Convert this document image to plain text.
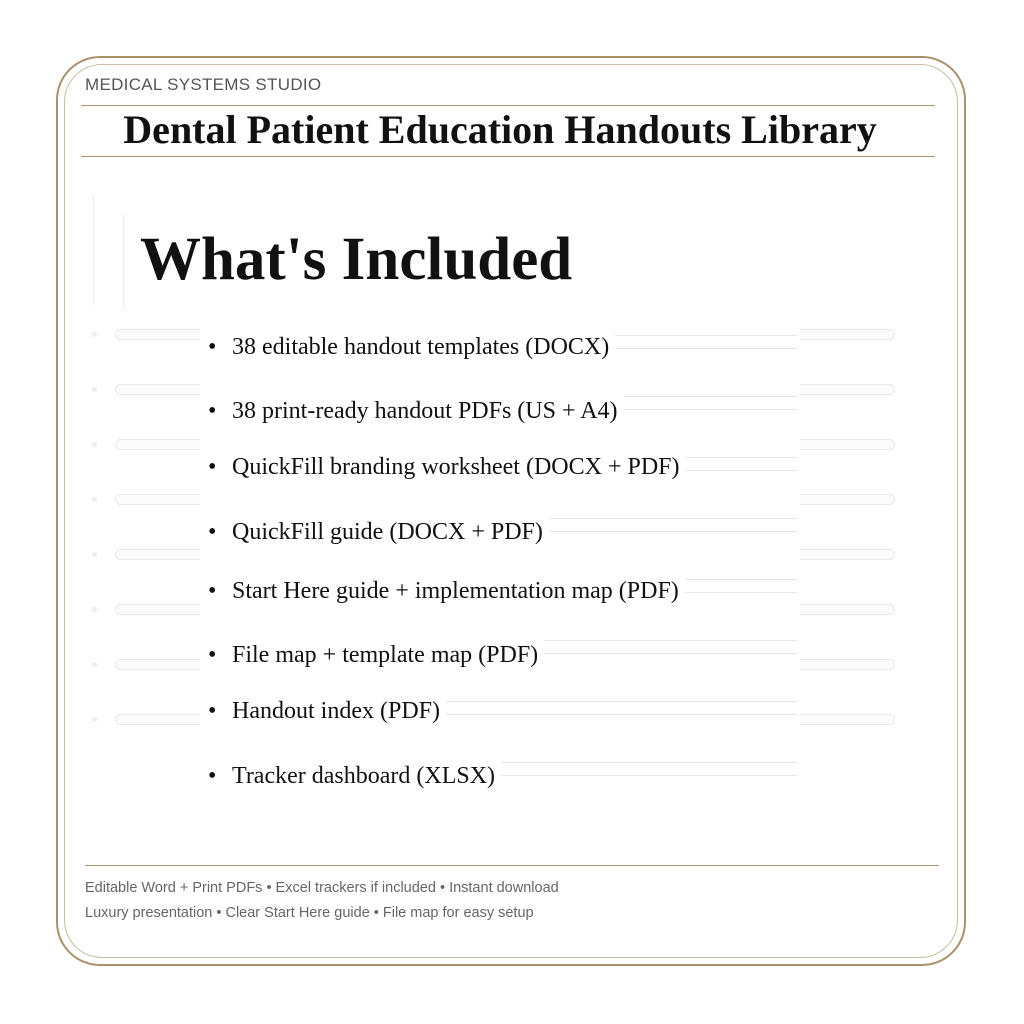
MEDICAL SYSTEMS STUDIO
Dental Patient Education Handouts Library
What's Included
• 38 editable handout templates (DOCX)
• 38 print-ready handout PDFs (US + A4)
• QuickFill branding worksheet (DOCX + PDF)
• QuickFill guide (DOCX + PDF)
• Start Here guide + implementation map (PDF)
• File map + template map (PDF)
• Handout index (PDF)
• Tracker dashboard (XLSX)
Editable Word + Print PDFs • Excel trackers if included • Instant download
Luxury presentation • Clear Start Here guide • File map for easy setup
